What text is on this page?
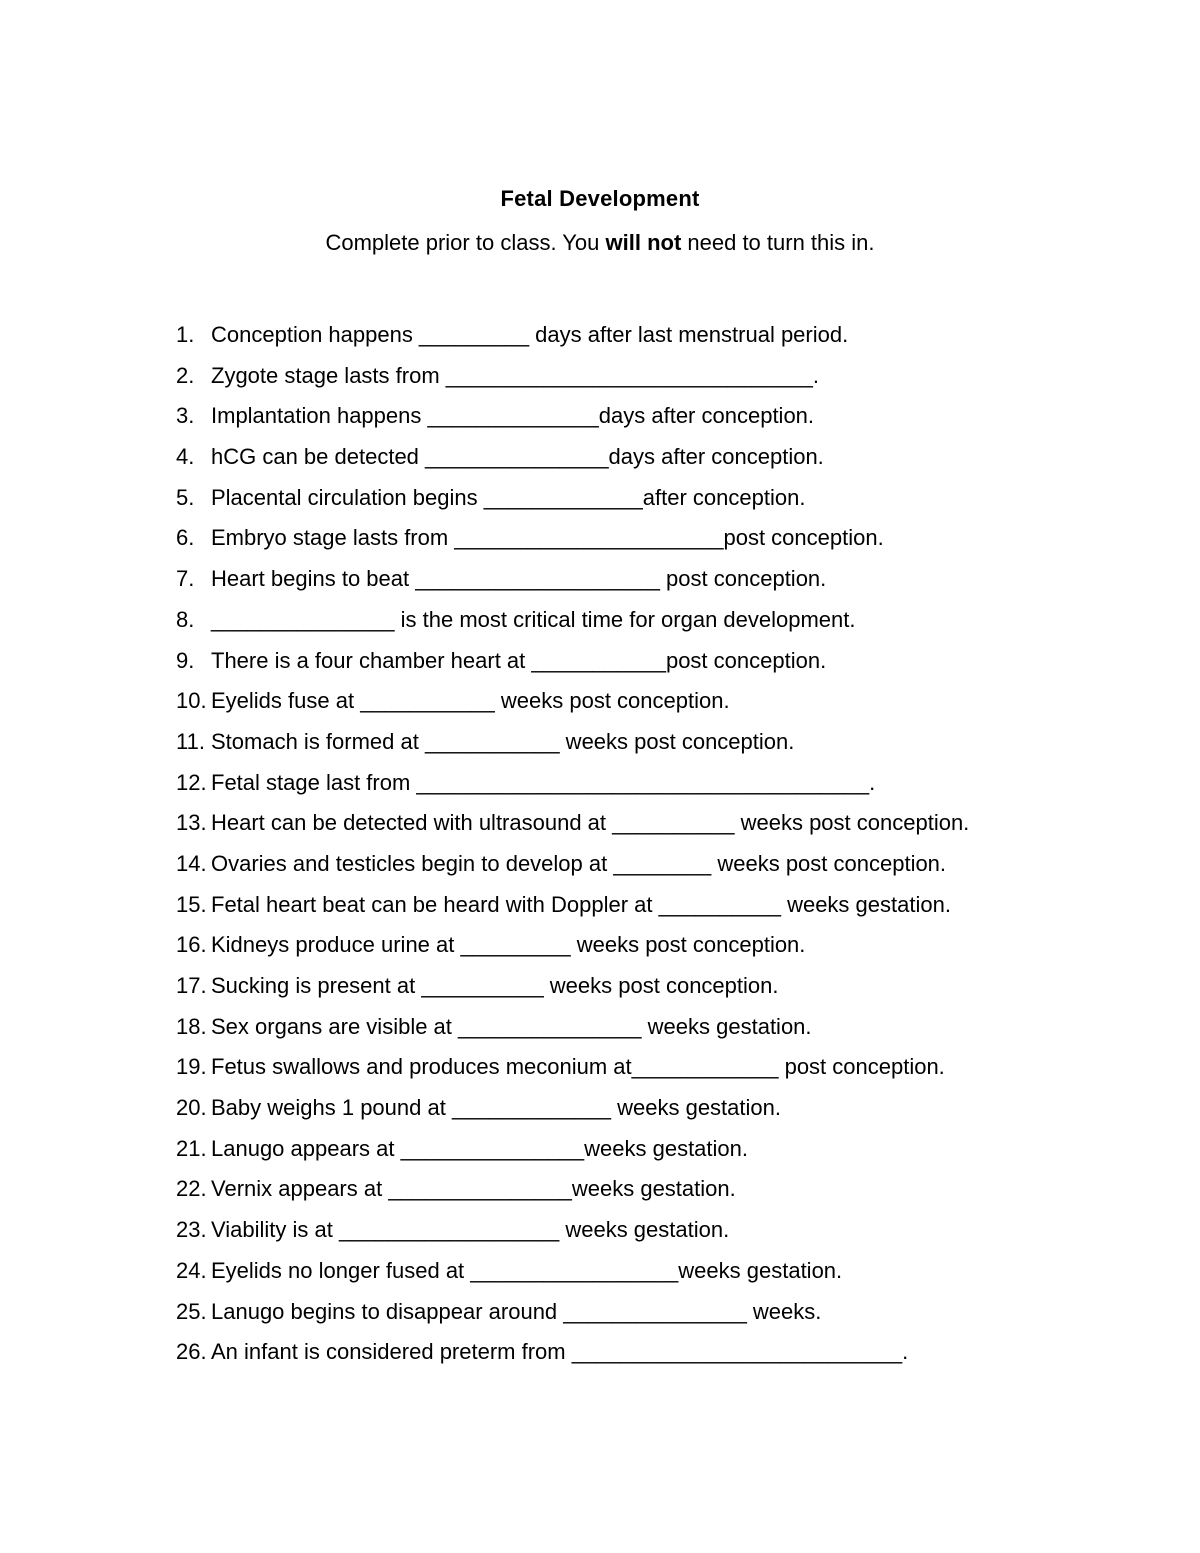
Fetal Development
Complete prior to class. You will not need to turn this in.
1. Conception happens _________ days after last menstrual period.
2. Zygote stage lasts from ______________________________.
3. Implantation happens ______________days after conception.
4. hCG can be detected _______________days after conception.
5. Placental circulation begins _____________after conception.
6. Embryo stage lasts from ______________________post conception.
7. Heart begins to beat ____________________ post conception.
8. _______________ is the most critical time for organ development.
9. There is a four chamber heart at ___________post conception.
10. Eyelids fuse at ___________ weeks post conception.
11. Stomach is formed at ___________ weeks post conception.
12. Fetal stage last from _____________________________________.
13. Heart can be detected with ultrasound at __________ weeks post conception.
14. Ovaries and testicles begin to develop at ________ weeks post conception.
15. Fetal heart beat can be heard with Doppler at __________ weeks gestation.
16. Kidneys produce urine at _________ weeks post conception.
17. Sucking is present at __________ weeks post conception.
18. Sex organs are visible at _______________ weeks gestation.
19. Fetus swallows and produces meconium at____________ post conception.
20. Baby weighs 1 pound at _____________ weeks gestation.
21. Lanugo appears at _______________weeks gestation.
22. Vernix appears at _______________weeks gestation.
23. Viability is at __________________ weeks gestation.
24. Eyelids no longer fused at _________________weeks gestation.
25. Lanugo begins to disappear around _______________ weeks.
26. An infant is considered preterm from ___________________________.
